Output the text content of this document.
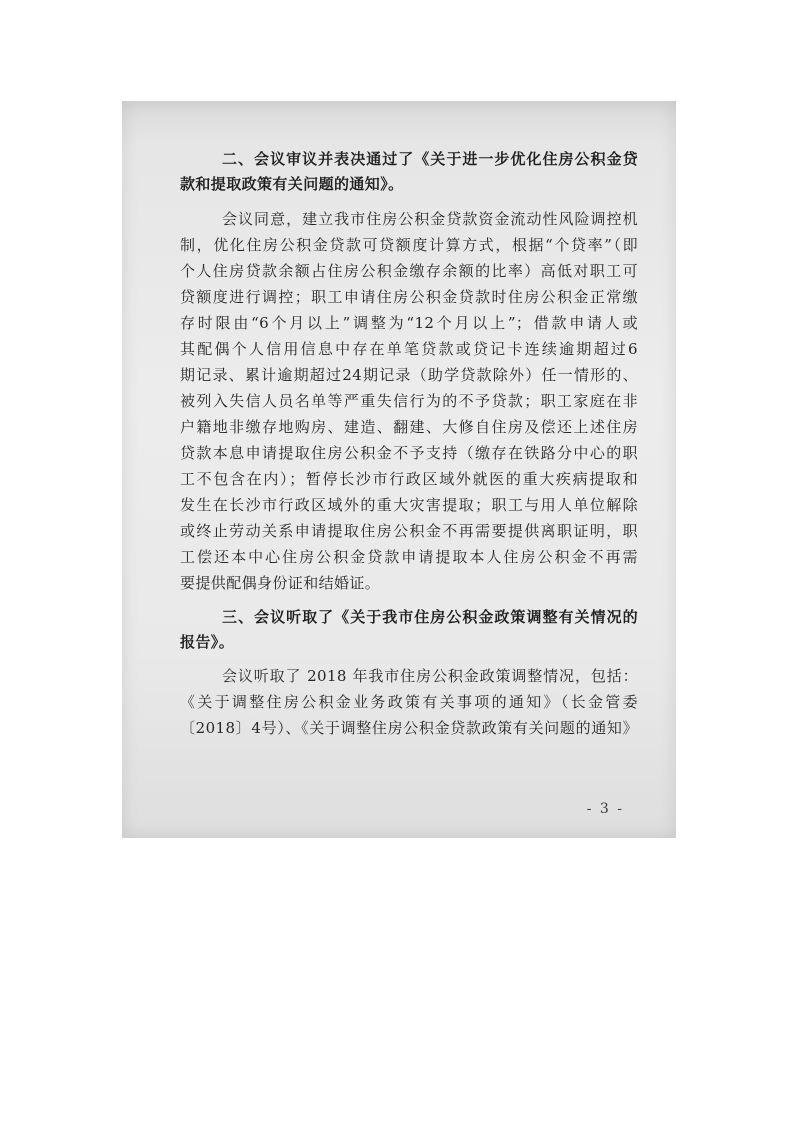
二、会议审议并表决通过了《关于进一步优化住房公积金贷
款和提取政策有关问题的通知》。
会议同意，建立我市住房公积金贷款资金流动性风险调控机
制，优化住房公积金贷款可贷额度计算方式，根据“个贷率”（即
个人住房贷款余额占住房公积金缴存余额的比率）高低对职工可
贷额度进行调控；职工申请住房公积金贷款时住房公积金正常缴
存时限由“6个月以上”调整为“12个月以上”；借款申请人或
其配偶个人信用信息中存在单笔贷款或贷记卡连续逾期超过6
期记录、累计逾期超过24期记录（助学贷款除外）任一情形的、
被列入失信人员名单等严重失信行为的不予贷款；职工家庭在非
户籍地非缴存地购房、建造、翻建、大修自住房及偿还上述住房
贷款本息申请提取住房公积金不予支持（缴存在铁路分中心的职
工不包含在内）；暂停长沙市行政区域外就医的重大疾病提取和
发生在长沙市行政区域外的重大灾害提取；职工与用人单位解除
或终止劳动关系申请提取住房公积金不再需要提供离职证明，职
工偿还本中心住房公积金贷款申请提取本人住房公积金不再需
要提供配偶身份证和结婚证。
三、会议听取了《关于我市住房公积金政策调整有关情况的
报告》。
会议听取了 2018 年我市住房公积金政策调整情况，包括：
《关于调整住房公积金业务政策有关事项的通知》（长金管委
〔2018〕4号）、《关于调整住房公积金贷款政策有关问题的通知》
- 3 -
